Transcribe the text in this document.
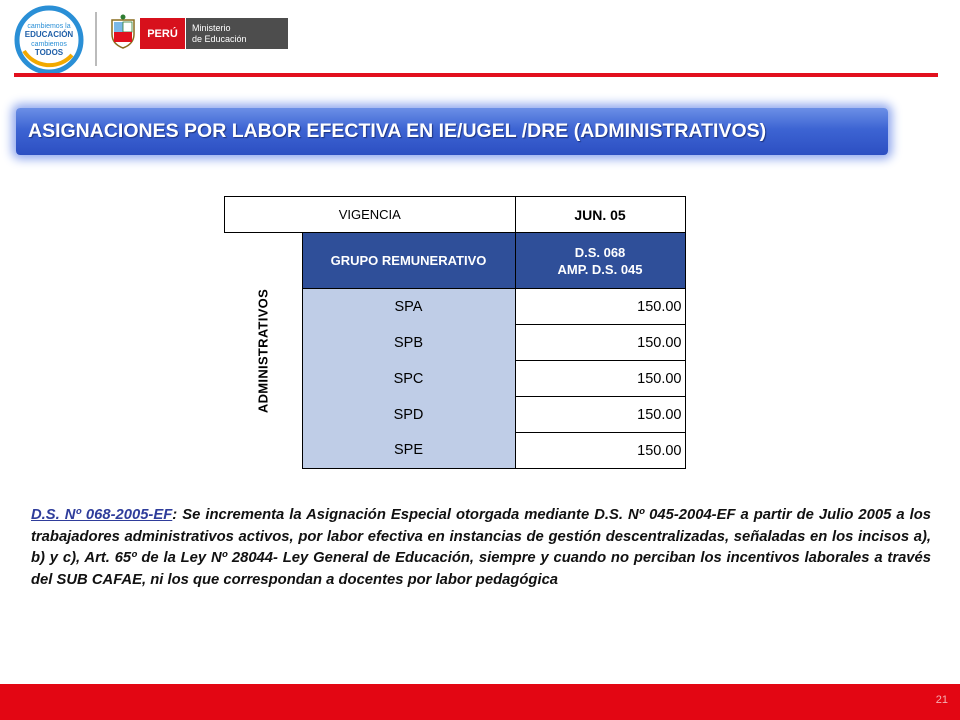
cambiemos la
EDUCACIÓN
cambiemos
TODOS
PERÚ Ministerio
de Educación
ASIGNACIONES POR LABOR EFECTIVA EN IE/UGEL /DRE (ADMINISTRATIVOS)
VIGENCIA		JUN. 05

ADMINISTRATIVOS	GRUPO REMUNERATIVO	D.S. 068
AMP. D.S. 045
	SPA	150.00
	SPB	150.00
	SPC	150.00
	SPD	150.00
	SPE	150.00
D.S. Nº 068-2005-EF: Se incrementa la Asignación Especial otorgada mediante D.S. Nº 045-2004-EF a partir de Julio 2005 a los trabajadores administrativos activos, por labor efectiva en instancias de gestión descentralizadas, señaladas en los incisos a), b) y c), Art. 65º de la Ley Nº 28044- Ley General de Educación, siempre y cuando no perciban los incentivos laborales a través del SUB CAFAE, ni los que correspondan a docentes por labor pedagógica
21
